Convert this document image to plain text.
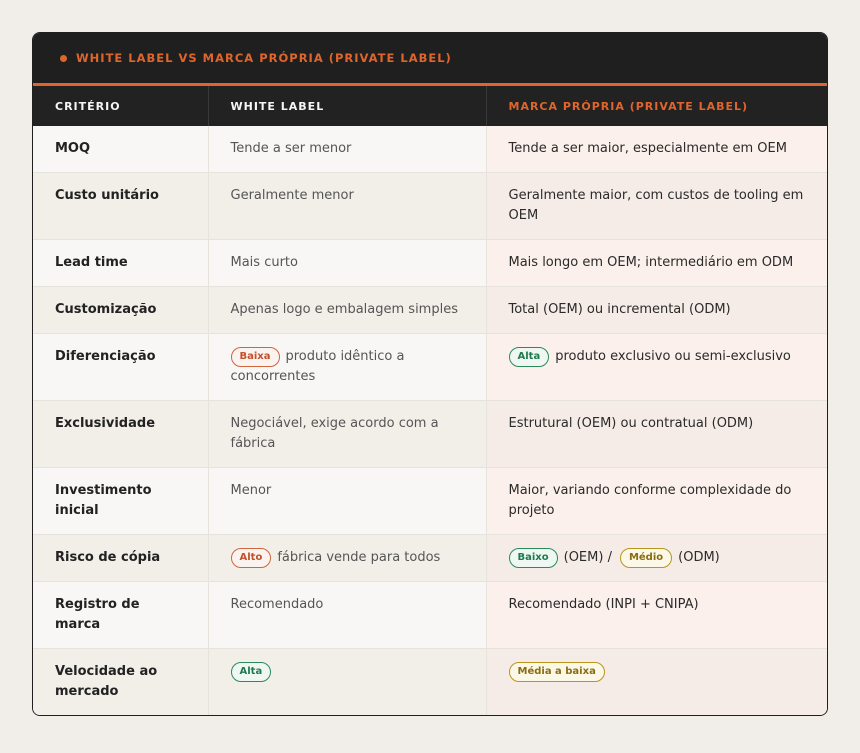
WHITE LABEL VS MARCA PRÓPRIA (PRIVATE LABEL)
CRITÉRIO	WHITE LABEL	MARCA PRÓPRIA (PRIVATE LABEL)
MOQ	Tende a ser menor	Tende a ser maior, especialmente em OEM
Custo unitário	Geralmente menor	Geralmente maior, com custos de tooling em OEM
Lead time	Mais curto	Mais longo em OEM; intermediário em ODM
Customização	Apenas logo e embalagem simples	Total (OEM) ou incremental (ODM)
Diferenciação	Baixa produto idêntico a concorrentes	Alta produto exclusivo ou semi-exclusivo
Exclusividade	Negociável, exige acordo com a fábrica	Estrutural (OEM) ou contratual (ODM)
Investimento inicial	Menor	Maior, variando conforme complexidade do projeto
Risco de cópia	Alto fábrica vende para todos	Baixo (OEM) / Médio (ODM)
Registro de marca	Recomendado	Recomendado (INPI + CNIPA)
Velocidade ao mercado	Alta	Média a baixa
